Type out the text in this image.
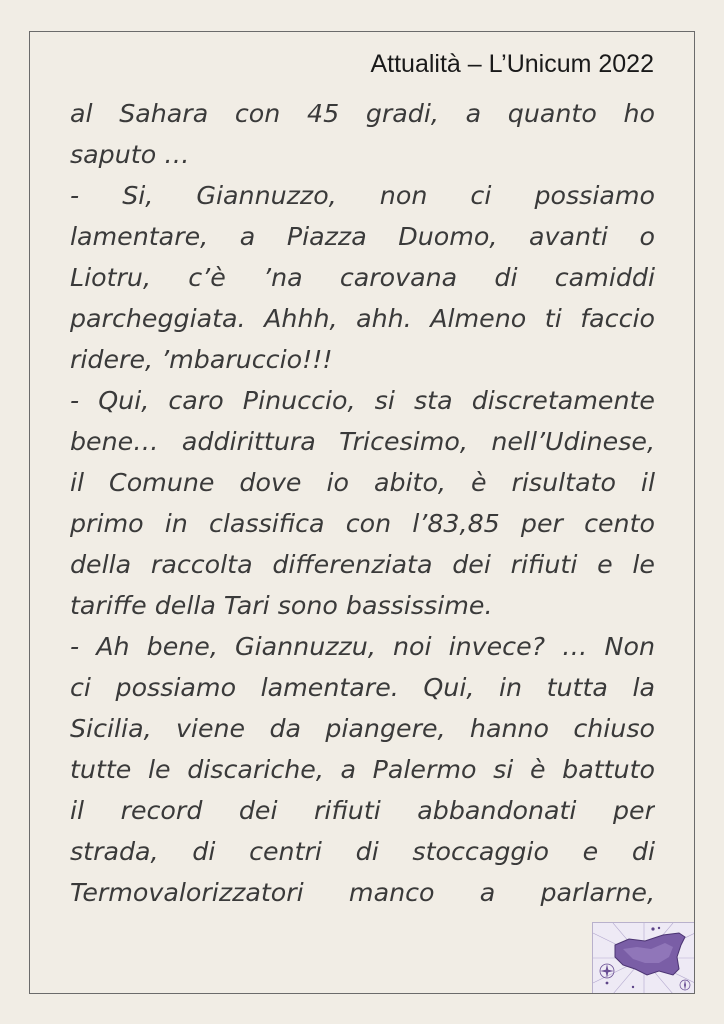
Attualità – L’Unicum 2022
al Sahara con 45 gradi, a quanto ho
saputo …
- Si, Giannuzzo, non ci possiamo
lamentare, a Piazza Duomo, avanti o
Liotru, c’è ’na carovana di camiddi
parcheggiata. Ahhh, ahh. Almeno ti faccio
ridere, ’mbaruccio!!!
- Qui, caro Pinuccio, si sta discretamente
bene… addirittura Tricesimo, nell’Udinese,
il Comune dove io abito, è risultato il
primo in classifica con l’83,85 per cento
della raccolta differenziata dei rifiuti e le
tariffe della Tari sono bassissime.
- Ah bene, Giannuzzu, noi invece? … Non
ci possiamo lamentare. Qui, in tutta la
Sicilia, viene da piangere, hanno chiuso
tutte le discariche, a Palermo si è battuto
il record dei rifiuti abbandonati per
strada, di centri di stoccaggio e di
Termovalorizzatori manco a parlarne,
